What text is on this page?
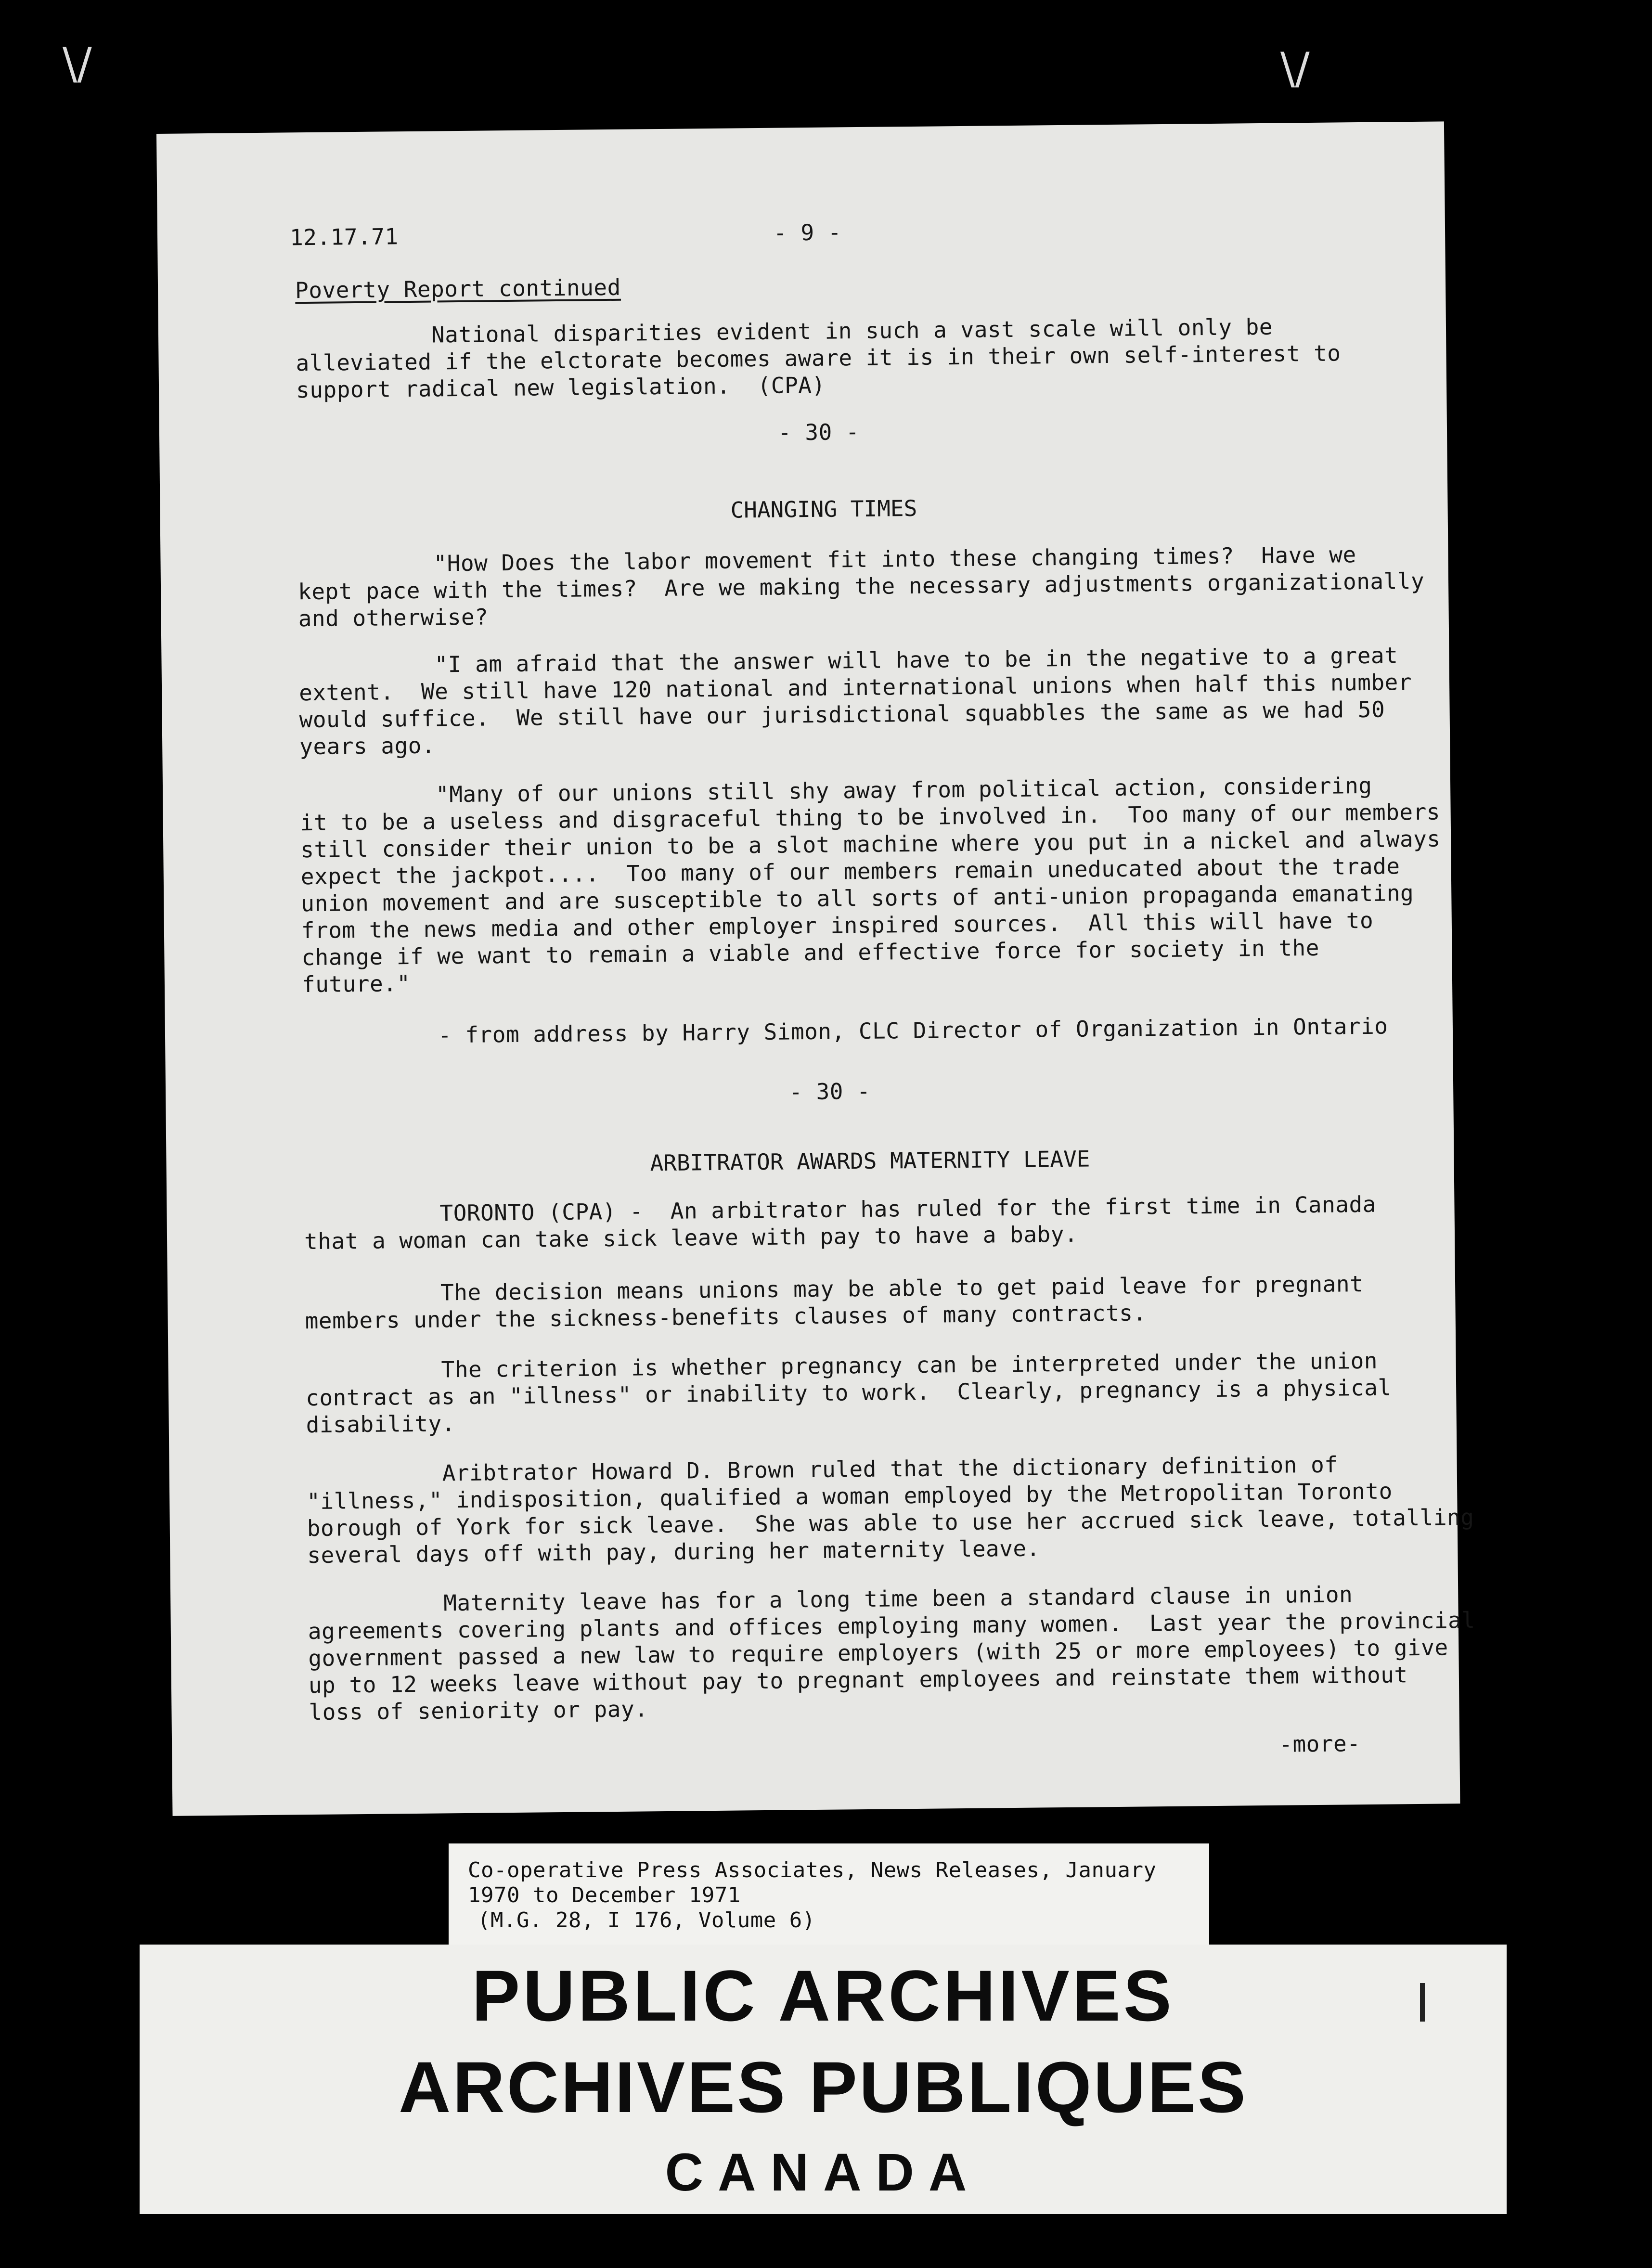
\/	\/
12.17.71	- 9 -
Poverty Report continued
National disparities evident in such a vast scale will only be
alleviated if the elctorate becomes aware it is in their own self-interest to
support radical new legislation.  (CPA)
- 30 -
CHANGING TIMES
"How Does the labor movement fit into these changing times?  Have we
kept pace with the times?  Are we making the necessary adjustments organizationally
and otherwise?
"I am afraid that the answer will have to be in the negative to a great
extent.  We still have 120 national and international unions when half this number
would suffice.  We still have our jurisdictional squabbles the same as we had 50
years ago.
"Many of our unions still shy away from political action, considering
it to be a useless and disgraceful thing to be involved in.  Too many of our members
still consider their union to be a slot machine where you put in a nickel and always
expect the jackpot....  Too many of our members remain uneducated about the trade
union movement and are susceptible to all sorts of anti-union propaganda emanating
from the news media and other employer inspired sources.  All this will have to
change if we want to remain a viable and effective force for society in the
future."
- from address by Harry Simon, CLC Director of Organization in Ontario
- 30 -
ARBITRATOR AWARDS MATERNITY LEAVE
TORONTO (CPA) -  An arbitrator has ruled for the first time in Canada
that a woman can take sick leave with pay to have a baby.
The decision means unions may be able to get paid leave for pregnant
members under the sickness-benefits clauses of many contracts.
The criterion is whether pregnancy can be interpreted under the union
contract as an "illness" or inability to work.  Clearly, pregnancy is a physical
disability.
Aribtrator Howard D. Brown ruled that the dictionary definition of
"illness," indisposition, qualified a woman employed by the Metropolitan Toronto
borough of York for sick leave.  She was able to use her accrued sick leave, totalling
several days off with pay, during her maternity leave.
Maternity leave has for a long time been a standard clause in union
agreements covering plants and offices employing many women.  Last year the provincial
government passed a new law to require employers (with 25 or more employees) to give
up to 12 weeks leave without pay to pregnant employees and reinstate them without
loss of seniority or pay.
-more-
Co-operative Press Associates, News Releases, January
1970 to December 1971
(M.G. 28, I 176, Volume 6)
PUBLIC ARCHIVES
ARCHIVES PUBLIQUES
CANADA
